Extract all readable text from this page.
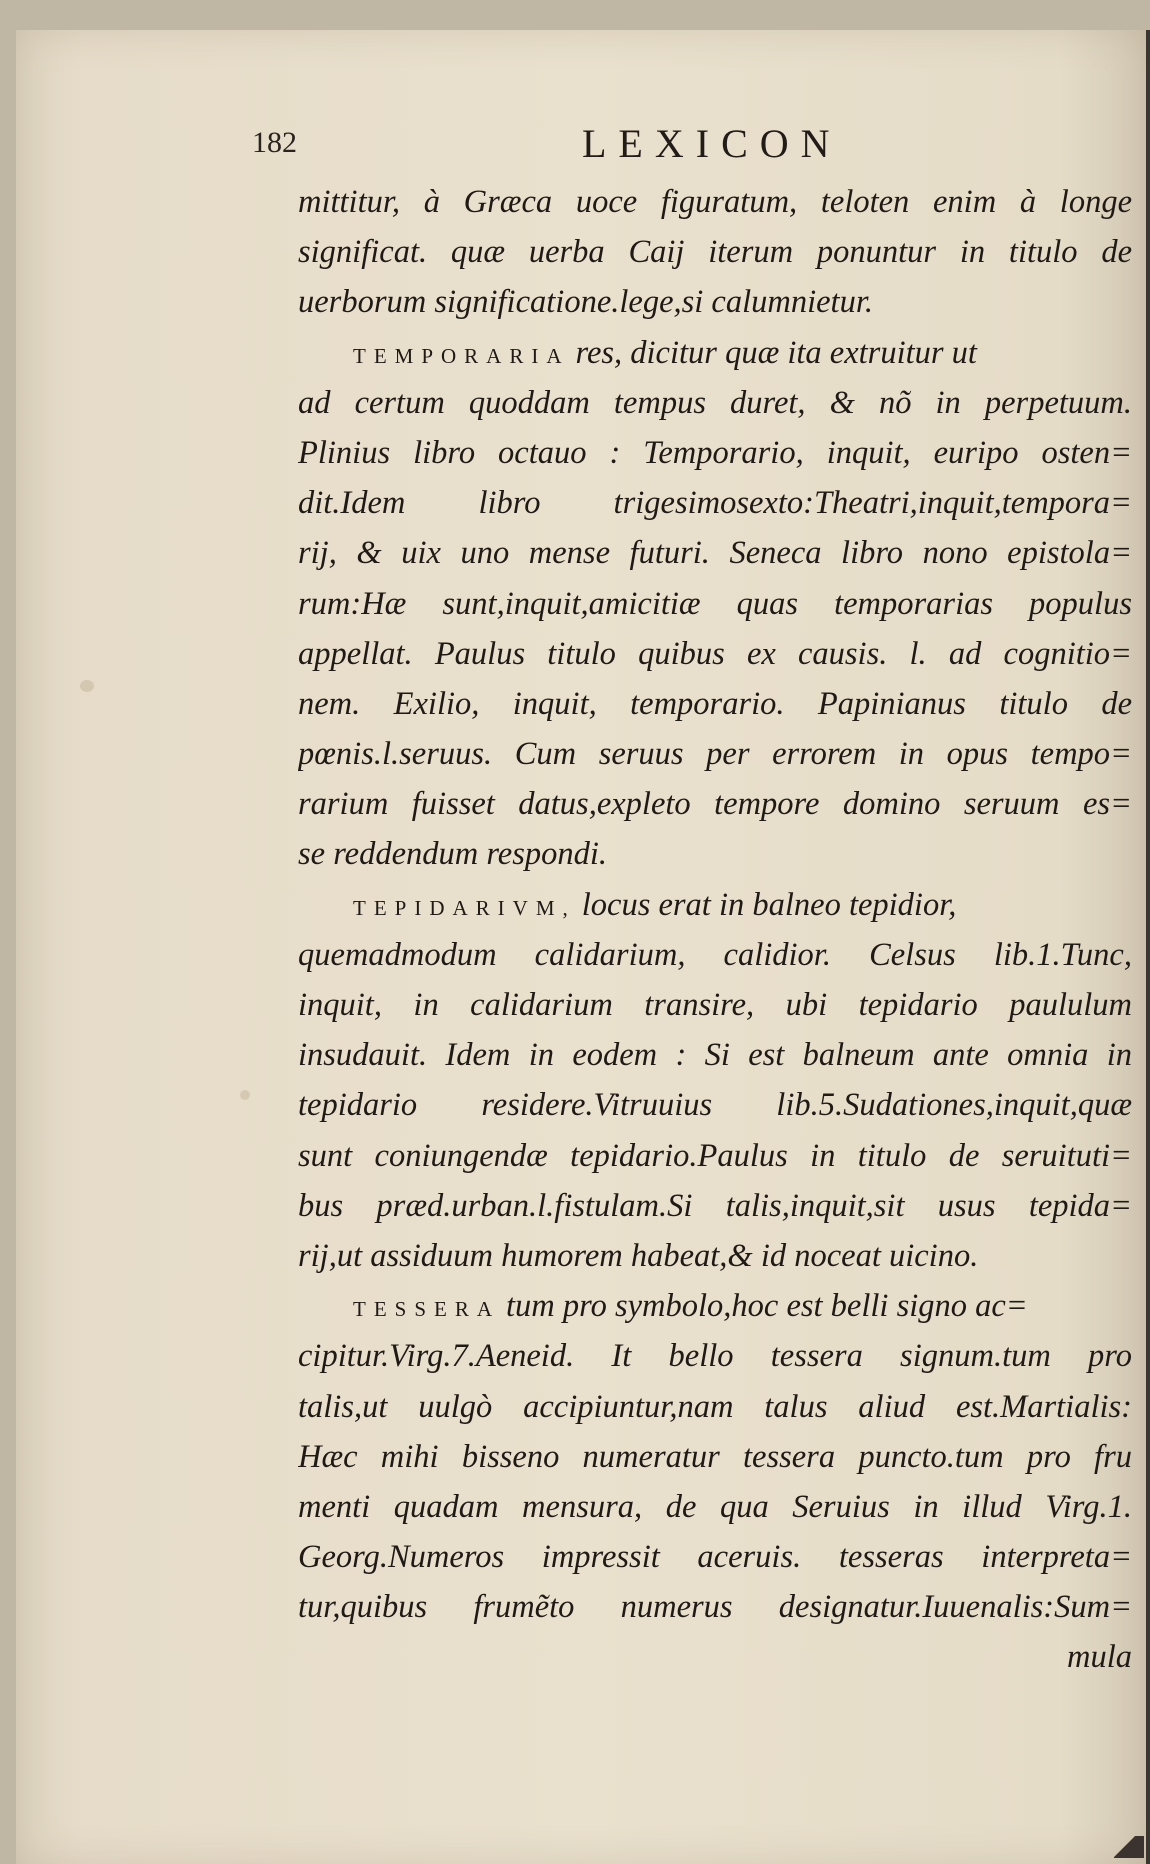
182	LEXICON
mittitur, à Græca uoce figuratum, teloten enim à longe
significat. quæ uerba Caij iterum ponuntur in titulo de
uerborum significatione.lege,si calumnietur.
TEMPORARIA res, dicitur quæ ita extruitur ut
ad certum quoddam tempus duret, & nõ in perpetuum.
Plinius libro octauo : Temporario, inquit, euripo osten=
dit.Idem libro trigesimosexto:Theatri,inquit,tempora=
rij, & uix uno mense futuri. Seneca libro nono epistola=
rum:Hæ sunt,inquit,amicitiæ quas temporarias populus
appellat. Paulus titulo quibus ex causis. l. ad cognitio=
nem. Exilio, inquit, temporario. Papinianus titulo de
pœnis.l.seruus. Cum seruus per errorem in opus tempo=
rarium fuisset datus,expleto tempore domino seruum es=
se reddendum respondi.
TEPIDARIVM, locus erat in balneo tepidior,
quemadmodum calidarium, calidior. Celsus lib.1.Tunc,
inquit, in calidarium transire, ubi tepidario paululum
insudauit. Idem in eodem : Si est balneum ante omnia in
tepidario residere.Vitruuius lib.5.Sudationes,inquit,quæ
sunt coniungendæ tepidario.Paulus in titulo de seruituti=
bus præd.urban.l.fistulam.Si talis,inquit,sit usus tepida=
rij,ut assiduum humorem habeat,& id noceat uicino.
TESSERA tum pro symbolo,hoc est belli signo ac=
cipitur.Virg.7.Aeneid. It bello tessera signum.tum pro
talis,ut uulgò accipiuntur,nam talus aliud est.Martialis:
Hæc mihi bisseno numeratur tessera puncto.tum pro fru
menti quadam mensura, de qua Seruius in illud Virg.1.
Georg.Numeros impressit aceruis. tesseras interpreta=
tur,quibus frumẽto numerus designatur.Iuuenalis:Sum=
mula
